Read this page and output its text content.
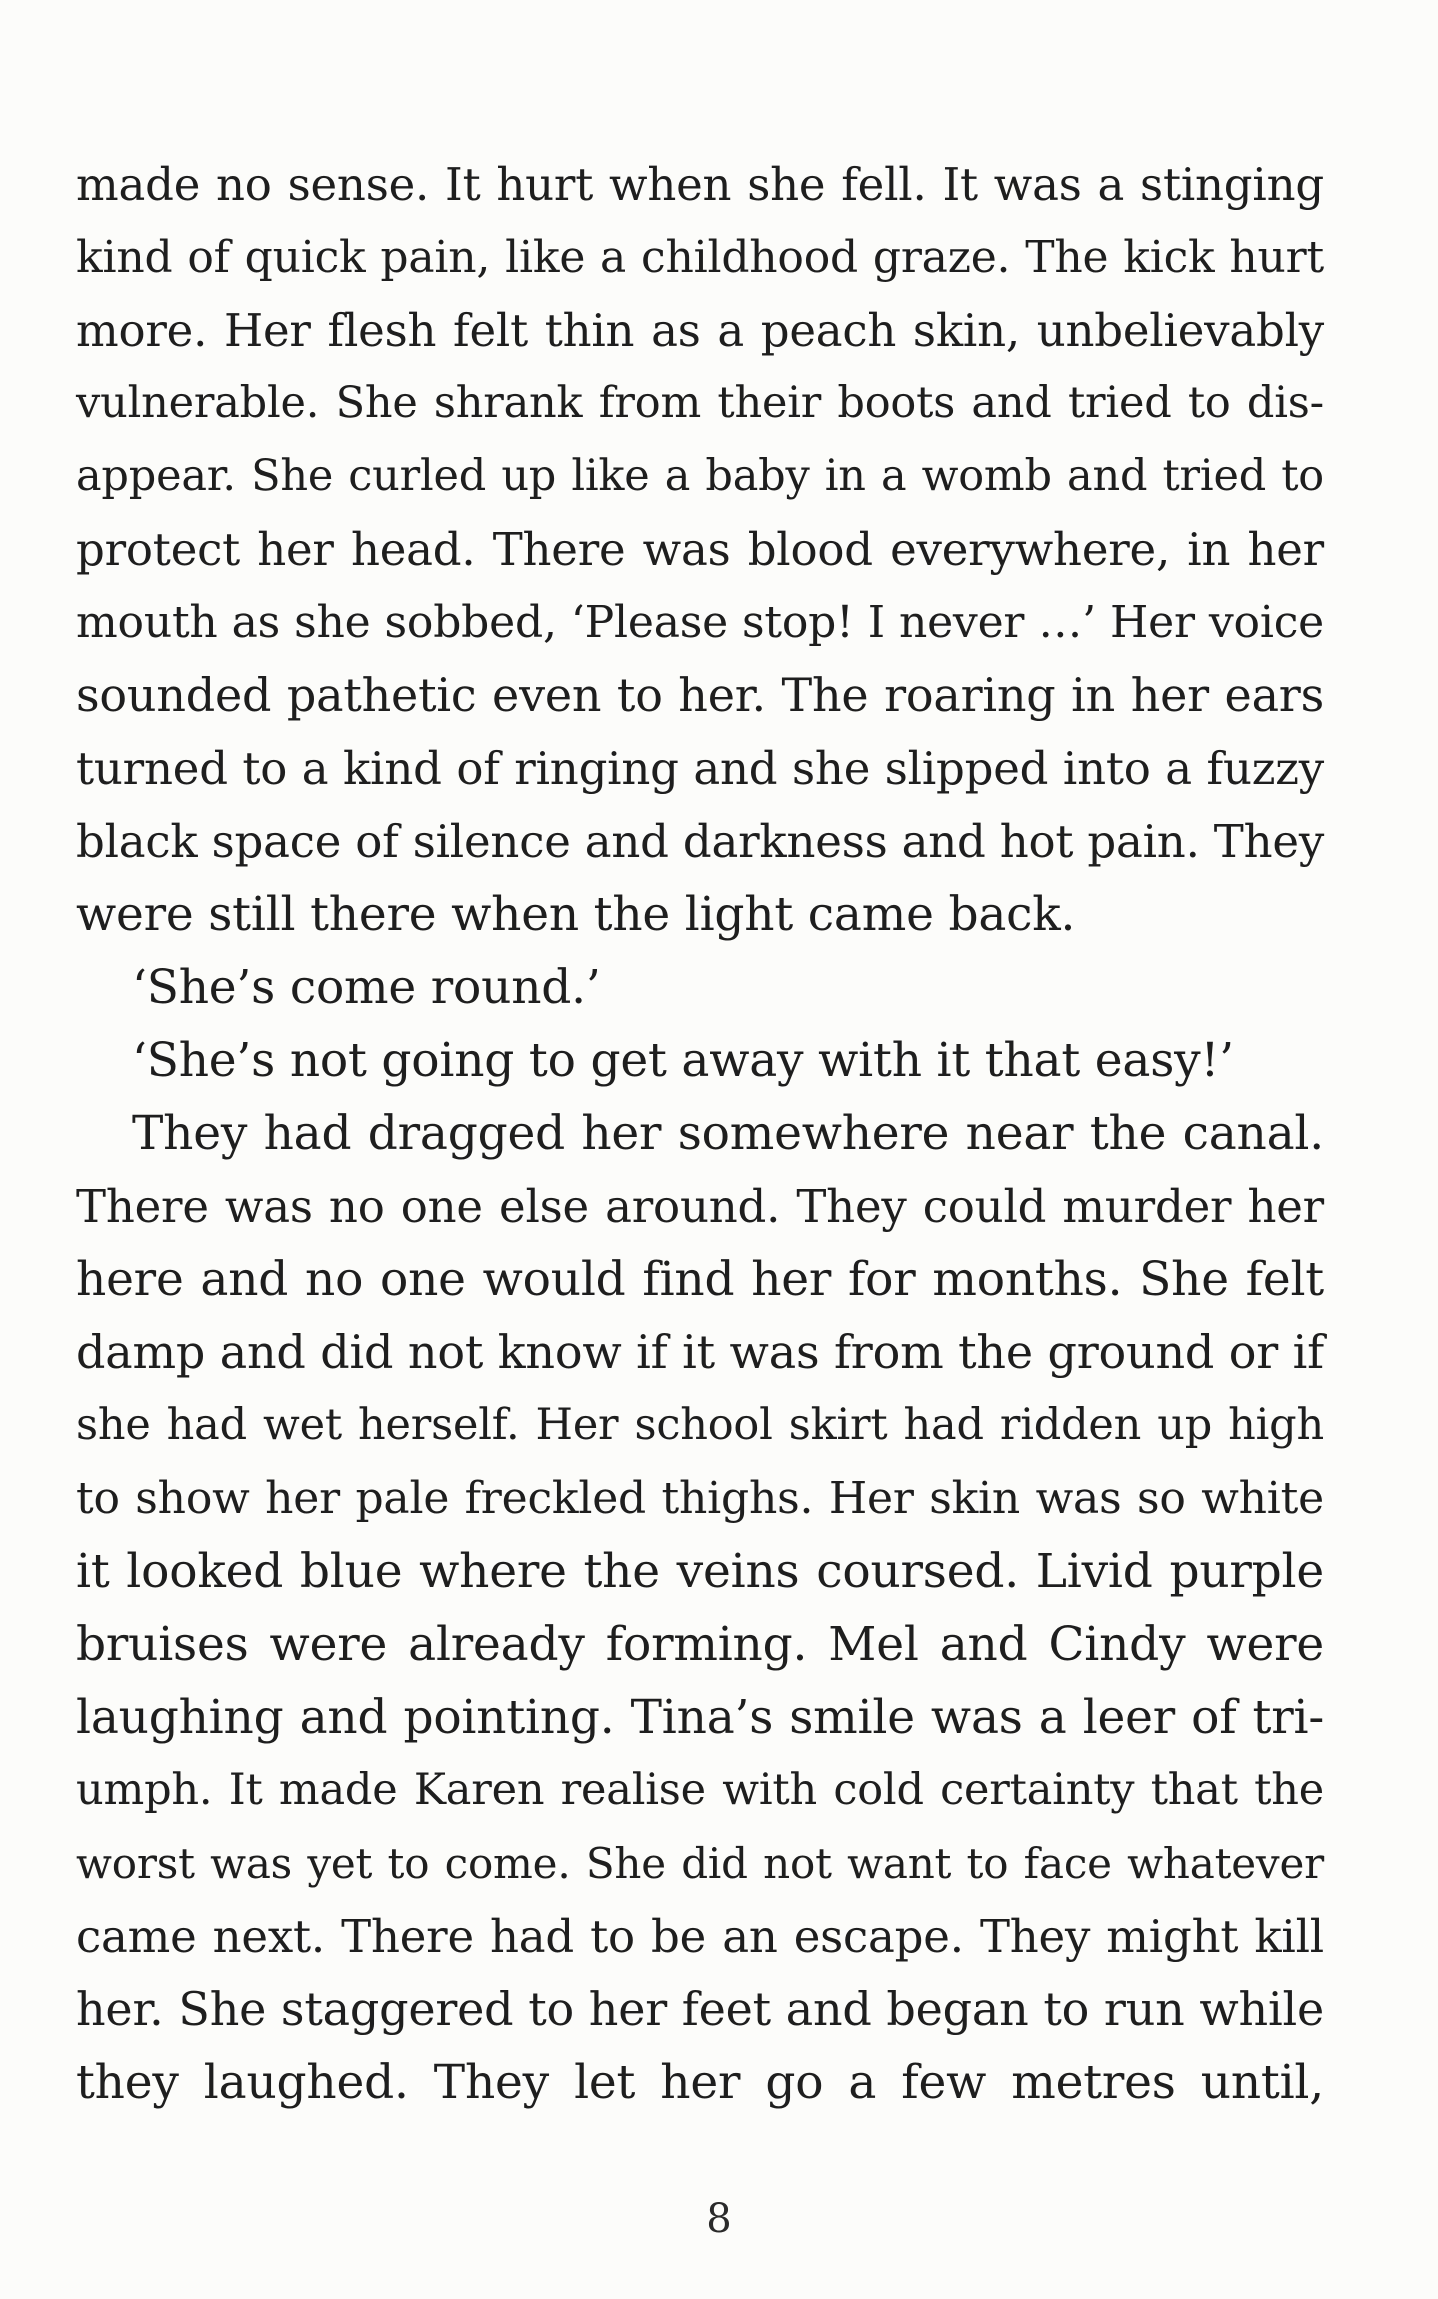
made no sense. It hurt when she fell. It was a stinging
kind of quick pain, like a childhood graze. The kick hurt
more. Her flesh felt thin as a peach skin, unbelievably
vulnerable. She shrank from their boots and tried to dis-
appear. She curled up like a baby in a womb and tried to
protect her head. There was blood everywhere, in her
mouth as she sobbed, ‘Please stop! I never …’ Her voice
sounded pathetic even to her. The roaring in her ears
turned to a kind of ringing and she slipped into a fuzzy
black space of silence and darkness and hot pain. They
were still there when the light came back.
‘She’s come round.’
‘She’s not going to get away with it that easy!’
They had dragged her somewhere near the canal.
There was no one else around. They could murder her
here and no one would find her for months. She felt
damp and did not know if it was from the ground or if
she had wet herself. Her school skirt had ridden up high
to show her pale freckled thighs. Her skin was so white
it looked blue where the veins coursed. Livid purple
bruises were already forming. Mel and Cindy were
laughing and pointing. Tina’s smile was a leer of tri-
umph. It made Karen realise with cold certainty that the
worst was yet to come. She did not want to face whatever
came next. There had to be an escape. They might kill
her. She staggered to her feet and began to run while
they laughed. They let her go a few metres until,
8
